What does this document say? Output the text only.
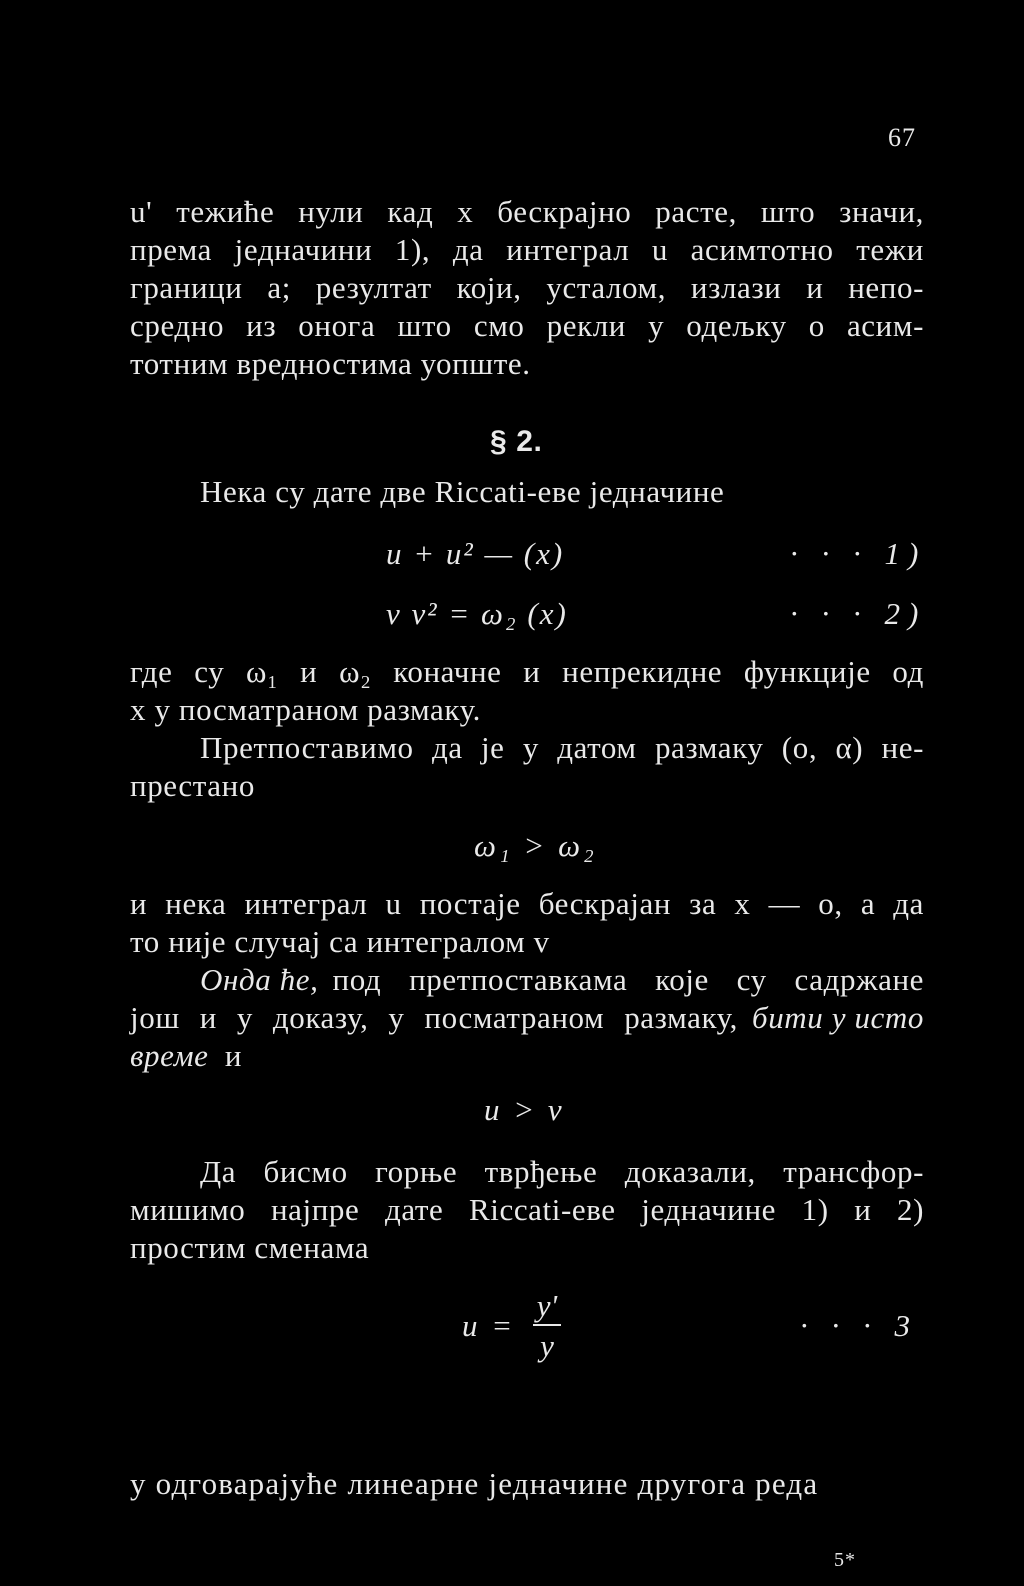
67
u' тежиће нули кад x бескрајно расте, што значи,
према једначини 1), да интеграл u асимтотно тежи
граници a; резултат који, усталом, излази и непо-
средно из онога што смо рекли у одељку о асим-
тотним вредностима уопште.
§ 2.
Нека су дате две Riccati-еве једначине
u + u² — (x)	· · · 1)
v v² = ω₂ (x)	· · · 2)
где су ω₁ и ω₂ коначне и непрекидне функције од
x у посматраном размаку.
Претпоставимо да је у датом размаку (o, α) не-
престано
ω₁ > ω₂
и нека интеграл u постаје бескрајан за x — o, а да
то није случај са интегралом v
Онда ће, под претпоставкама које су садржане
још и у доказу, у посматраном размаку, бити у исто
време и
u > v
Да бисмо горње тврђење доказали, трансфор-
мишимо најпре дате Riccati-еве једначине 1) и 2)
простим сменама
u =
y'
y
· · · 3
у одговарајуће линеарне једначине другога реда
5*
